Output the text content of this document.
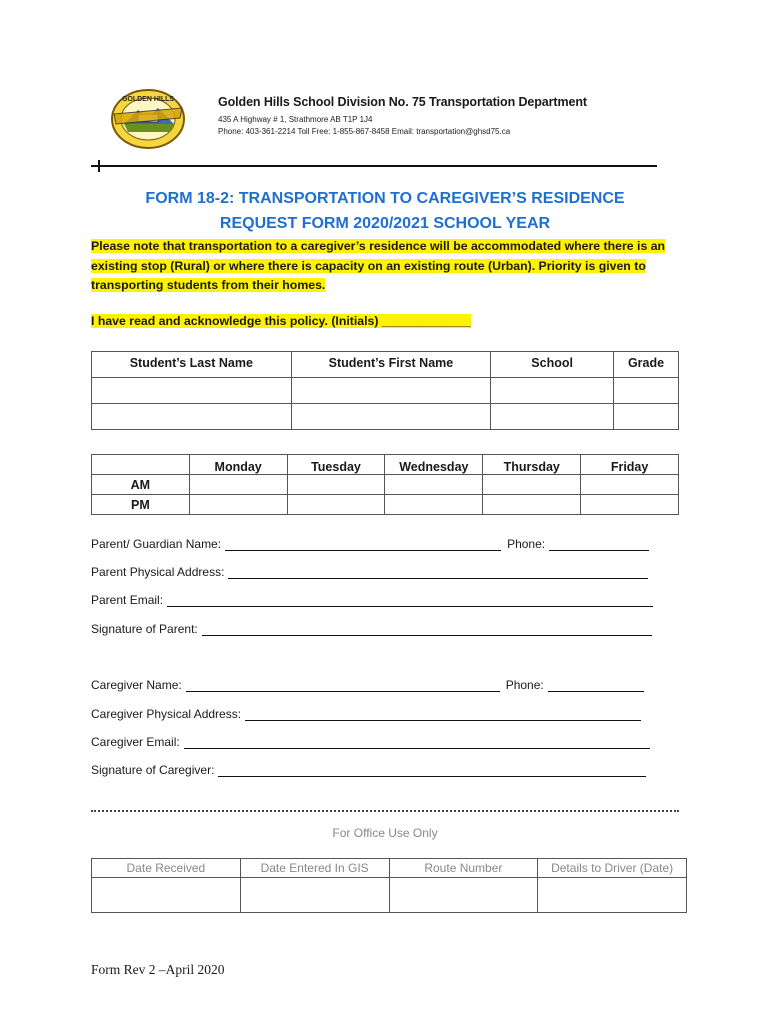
GOLDEN HILLS	Golden Hills School Division No. 75 Transportation Department
435 A Highway # 1, Strathmore AB T1P 1J4
Phone: 403-361-2214 Toll Free: 1-855-867-8458 Email: transportation@ghsd75.ca
FORM 18-2: TRANSPORTATION TO CAREGIVER’S RESIDENCE
REQUEST FORM 2020/2021 SCHOOL YEAR
Please note that transportation to a caregiver’s residence will be accommodated where there is an existing stop (Rural) or where there is capacity on an existing route (Urban). Priority is given to transporting students from their homes.
I have read and acknowledge this policy. (Initials) _____________
Student’s Last Name	Student’s First Name	School	Grade

	Monday	Tuesday	Wednesday	Thursday	Friday
AM					
PM					
Parent/ Guardian Name:	Phone:
Parent Physical Address:
Parent Email:
Signature of Parent:
Caregiver Name:	Phone:
Caregiver Physical Address:
Caregiver Email:
Signature of Caregiver:
For Office Use Only
Date Received	Date Entered In GIS	Route Number	Details to Driver (Date)

Form Rev 2 –April 2020
